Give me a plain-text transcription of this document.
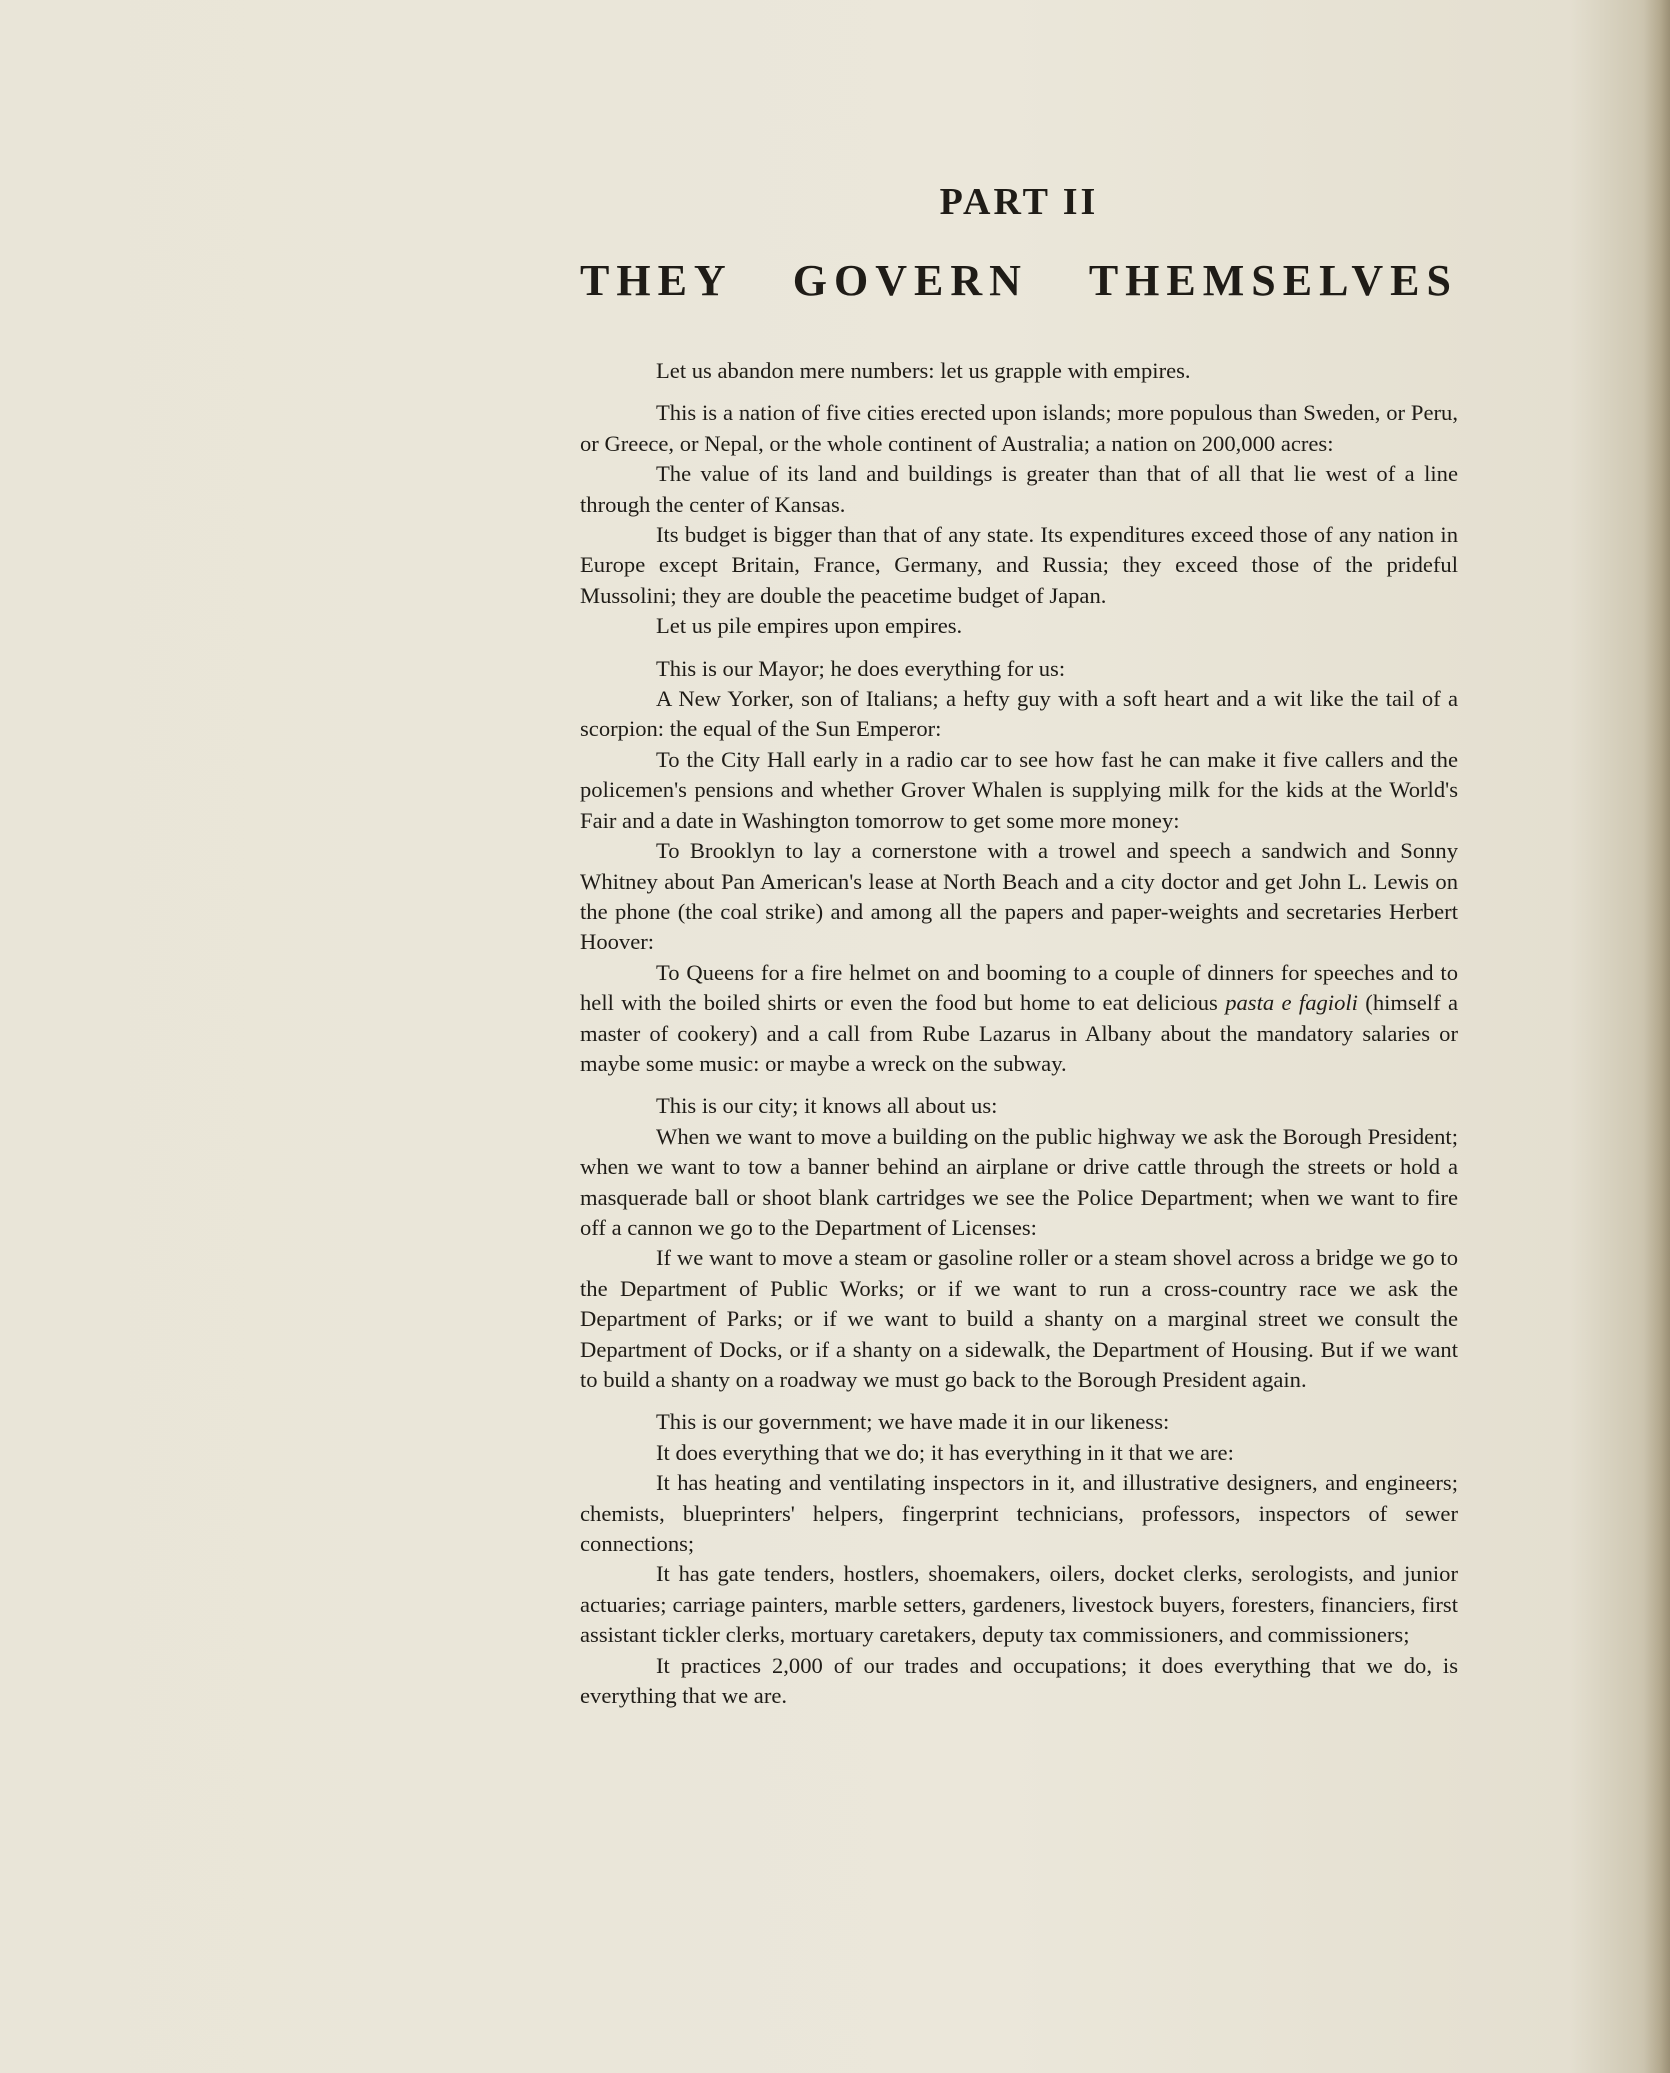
PART II
THEY GOVERN THEMSELVES

Let us abandon mere numbers: let us grapple with empires.

This is a nation of five cities erected upon islands; more populous than Sweden, or Peru, or Greece, or Nepal, or the whole continent of Australia; a nation on 200,000 acres:

The value of its land and buildings is greater than that of all that lie west of a line through the center of Kansas.

Its budget is bigger than that of any state. Its expenditures exceed those of any nation in Europe except Britain, France, Germany, and Russia; they exceed those of the prideful Mussolini; they are double the peacetime budget of Japan.

Let us pile empires upon empires.

This is our Mayor; he does everything for us:

A New Yorker, son of Italians; a hefty guy with a soft heart and a wit like the tail of a scorpion: the equal of the Sun Emperor:

To the City Hall early in a radio car to see how fast he can make it five callers and the policemen's pensions and whether Grover Whalen is supplying milk for the kids at the World's Fair and a date in Washington tomorrow to get some more money:

To Brooklyn to lay a cornerstone with a trowel and speech a sandwich and Sonny Whitney about Pan American's lease at North Beach and a city doctor and get John L. Lewis on the phone (the coal strike) and among all the papers and paper-weights and secretaries Herbert Hoover:

To Queens for a fire helmet on and booming to a couple of dinners for speeches and to hell with the boiled shirts or even the food but home to eat delicious pasta e fagioli (himself a master of cookery) and a call from Rube Lazarus in Albany about the mandatory salaries or maybe some music: or maybe a wreck on the subway.

This is our city; it knows all about us:

When we want to move a building on the public highway we ask the Borough President; when we want to tow a banner behind an airplane or drive cattle through the streets or hold a masquerade ball or shoot blank cartridges we see the Police Department; when we want to fire off a cannon we go to the Department of Licenses:

If we want to move a steam or gasoline roller or a steam shovel across a bridge we go to the Department of Public Works; or if we want to run a cross-country race we ask the Department of Parks; or if we want to build a shanty on a marginal street we consult the Department of Docks, or if a shanty on a sidewalk, the Department of Housing. But if we want to build a shanty on a roadway we must go back to the Borough President again.

This is our government; we have made it in our likeness:

It does everything that we do; it has everything in it that we are:

It has heating and ventilating inspectors in it, and illustrative designers, and engineers; chemists, blueprinters' helpers, fingerprint technicians, professors, inspectors of sewer connections;

It has gate tenders, hostlers, shoemakers, oilers, docket clerks, serologists, and junior actuaries; carriage painters, marble setters, gardeners, livestock buyers, foresters, financiers, first assistant tickler clerks, mortuary caretakers, deputy tax commissioners, and commissioners;

It practices 2,000 of our trades and occupations; it does everything that we do, is everything that we are.
